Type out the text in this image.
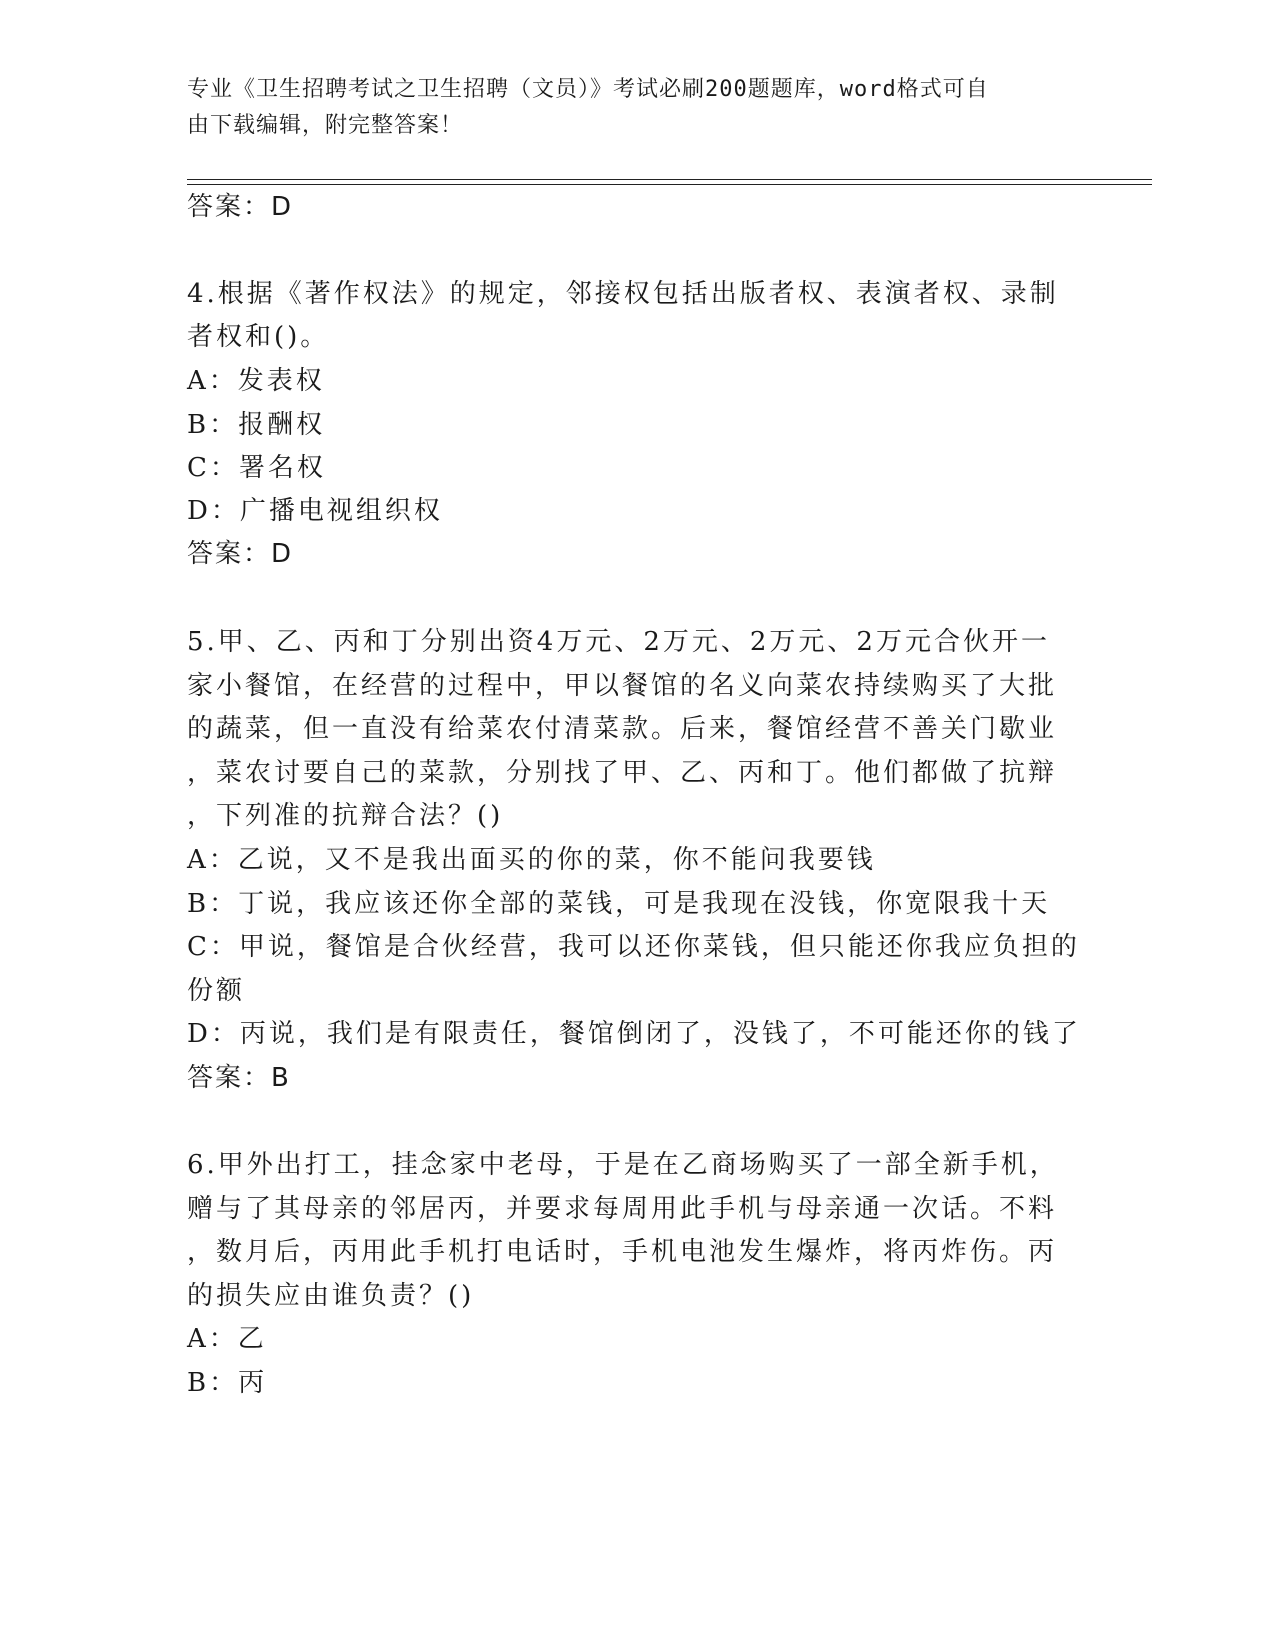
专业《卫生招聘考试之卫生招聘（文员）》考试必刷200题题库，word格式可自
由下载编辑，附完整答案！
答案：D
4.根据《著作权法》的规定，邻接权包括出版者权、表演者权、录制
者权和()。
A：发表权
B：报酬权
C：署名权
D：广播电视组织权
答案：D
5.甲、乙、丙和丁分别出资4万元、2万元、2万元、2万元合伙开一
家小餐馆，在经营的过程中，甲以餐馆的名义向菜农持续购买了大批
的蔬菜，但一直没有给菜农付清菜款。后来，餐馆经营不善关门歇业
，菜农讨要自己的菜款，分别找了甲、乙、丙和丁。他们都做了抗辩
，下列准的抗辩合法？()
A：乙说，又不是我出面买的你的菜，你不能问我要钱
B：丁说，我应该还你全部的菜钱，可是我现在没钱，你宽限我十天
C：甲说，餐馆是合伙经营，我可以还你菜钱，但只能还你我应负担的
份额
D：丙说，我们是有限责任，餐馆倒闭了，没钱了，不可能还你的钱了
答案：B
6.甲外出打工，挂念家中老母，于是在乙商场购买了一部全新手机，
赠与了其母亲的邻居丙，并要求每周用此手机与母亲通一次话。不料
，数月后，丙用此手机打电话时，手机电池发生爆炸，将丙炸伤。丙
的损失应由谁负责？()
A：乙
B：丙
